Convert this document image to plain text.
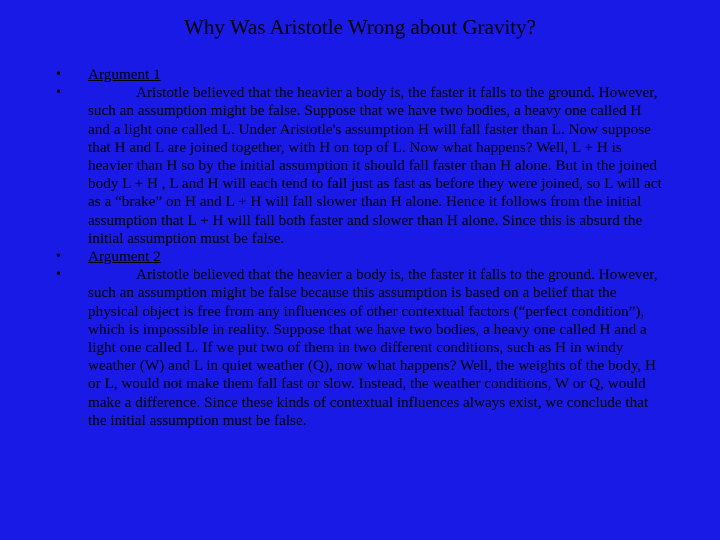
Why Was Aristotle Wrong about Gravity?
•	Argument 1
•	Aristotle believed that the heavier a body is, the faster it falls to the ground. However, such an assumption might be false. Suppose that we have two bodies, a heavy one called H and a light one called L. Under Aristotle's assumption H will fall faster than L. Now suppose that H and L are joined together, with H on top of L. Now what happens? Well, L + H is heavier than H so by the initial assumption it should fall faster than H alone. But in the joined body L + H , L and H will each tend to fall just as fast as before they were joined, so L will act as a “brake” on H and L + H will fall slower than H alone. Hence it follows from the initial assumption that L + H will fall both faster and slower than H alone. Since this is absurd the initial assumption must be false.
•	Argument 2
•	Aristotle believed that the heavier a body is, the faster it falls to the ground. However, such an assumption might be false because this assumption is based on a belief that the physical object is free from any influences of other contextual factors (“perfect condition”), which is impossible in reality. Suppose that we have two bodies, a heavy one called H and a light one called L. If we put two of them in two different conditions, such as H in windy weather (W) and L in quiet weather (Q), now what happens? Well, the weights of the body, H or L, would not make them fall fast or slow. Instead, the weather conditions, W or Q, would make a difference. Since these kinds of contextual influences always exist, we conclude that the initial assumption must be false.
